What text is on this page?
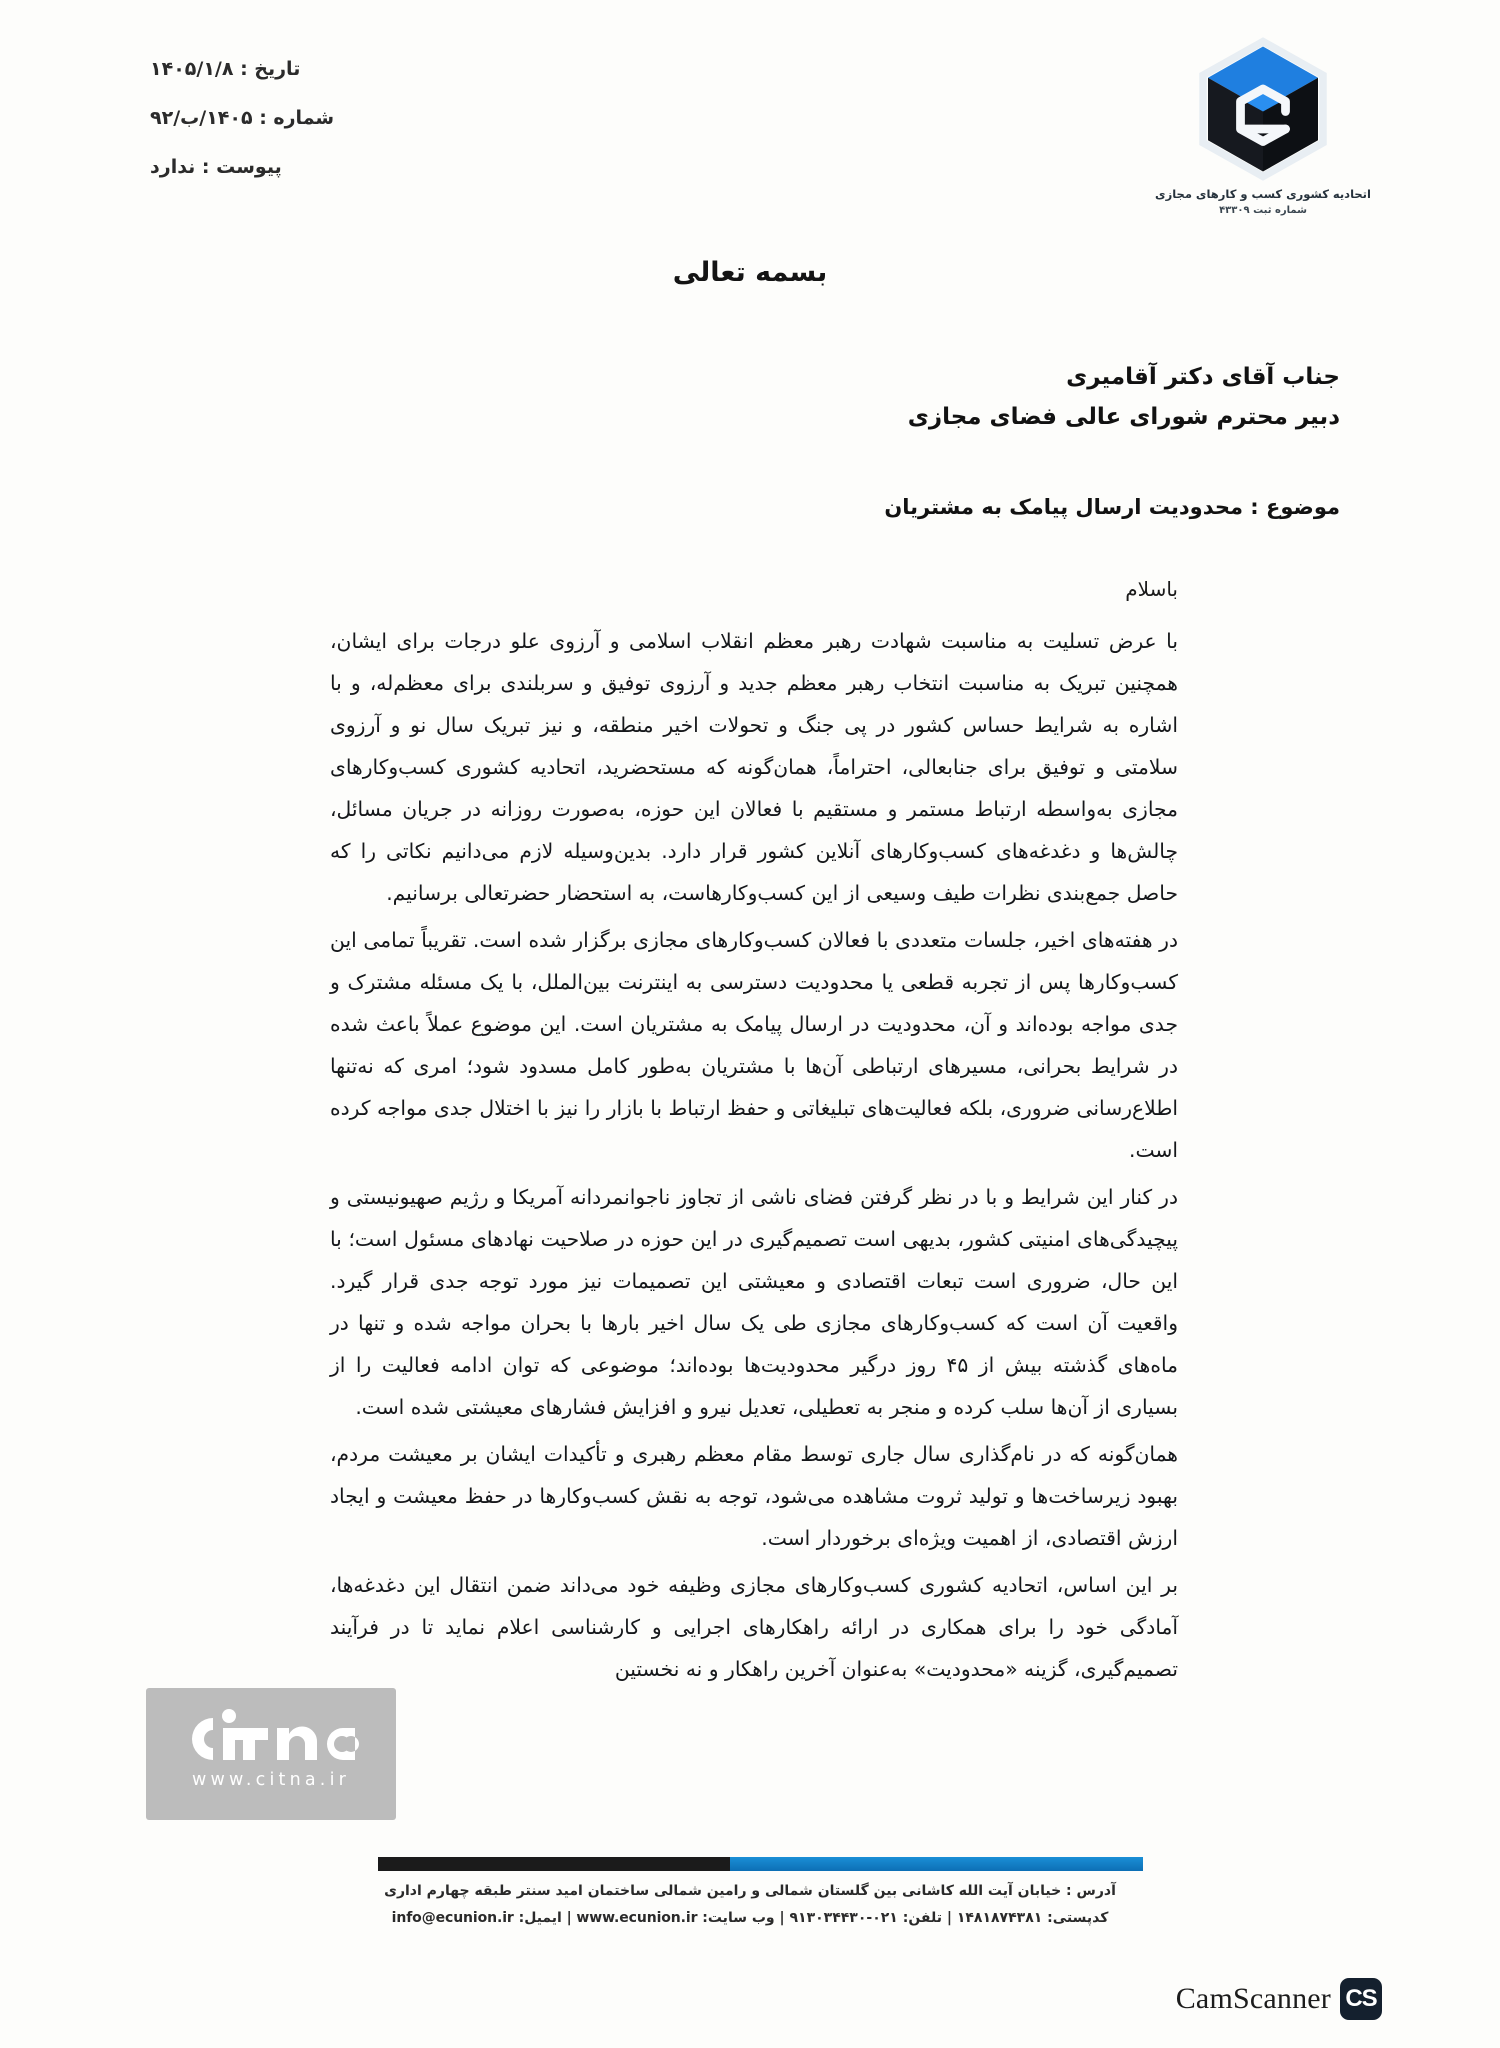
تاریخ : ۱۴۰۵/۱/۸
شماره : ۱۴۰۵/ب/۹۲
پیوست : ندارد
اتحادیه کشوری کسب و کارهای مجازی
شماره ثبت ۴۳۳۰۹
بسمه تعالی
جناب آقای دکتر آقامیری
دبیر محترم شورای عالی فضای مجازی
موضوع : محدودیت ارسال پیامک به مشتریان
باسلام

با عرض تسلیت به مناسبت شهادت رهبر معظم انقلاب اسلامی و آرزوی علو درجات برای ایشان، همچنین تبریک به مناسبت انتخاب رهبر معظم جدید و آرزوی توفیق و سربلندی برای معظم‌له، و با اشاره به شرایط حساس کشور در پی جنگ و تحولات اخیر منطقه، و نیز تبریک سال نو و آرزوی سلامتی و توفیق برای جنابعالی، احتراماً، همان‌گونه که مستحضرید، اتحادیه کشوری کسب‌وکارهای مجازی به‌واسطه ارتباط مستمر و مستقیم با فعالان این حوزه، به‌صورت روزانه در جریان مسائل، چالش‌ها و دغدغه‌های کسب‌وکارهای آنلاین کشور قرار دارد. بدین‌وسیله لازم می‌دانیم نکاتی را که حاصل جمع‌بندی نظرات طیف وسیعی از این کسب‌وکارهاست، به استحضار حضرتعالی برسانیم.

در هفته‌های اخیر، جلسات متعددی با فعالان کسب‌وکارهای مجازی برگزار شده است. تقریباً تمامی این کسب‌وکارها پس از تجربه قطعی یا محدودیت دسترسی به اینترنت بین‌الملل، با یک مسئله مشترک و جدی مواجه بوده‌اند و آن، محدودیت در ارسال پیامک به مشتریان است. این موضوع عملاً باعث شده در شرایط بحرانی، مسیرهای ارتباطی آن‌ها با مشتریان به‌طور کامل مسدود شود؛ امری که نه‌تنها اطلاع‌رسانی ضروری، بلکه فعالیت‌های تبلیغاتی و حفظ ارتباط با بازار را نیز با اختلال جدی مواجه کرده است.

در کنار این شرایط و با در نظر گرفتن فضای ناشی از تجاوز ناجوانمردانه آمریکا و رژیم صهیونیستی و پیچیدگی‌های امنیتی کشور، بدیهی است تصمیم‌گیری در این حوزه در صلاحیت نهادهای مسئول است؛ با این حال، ضروری است تبعات اقتصادی و معیشتی این تصمیمات نیز مورد توجه جدی قرار گیرد. واقعیت آن است که کسب‌وکارهای مجازی طی یک سال اخیر بارها با بحران مواجه شده و تنها در ماه‌های گذشته بیش از ۴۵ روز درگیر محدودیت‌ها بوده‌اند؛ موضوعی که توان ادامه فعالیت را از بسیاری از آن‌ها سلب کرده و منجر به تعطیلی، تعدیل نیرو و افزایش فشارهای معیشتی شده است.

همان‌گونه که در نام‌گذاری سال جاری توسط مقام معظم رهبری و تأکیدات ایشان بر معیشت مردم، بهبود زیرساخت‌ها و تولید ثروت مشاهده می‌شود، توجه به نقش کسب‌وکارها در حفظ معیشت و ایجاد ارزش اقتصادی، از اهمیت ویژه‌ای برخوردار است.

بر این اساس، اتحادیه کشوری کسب‌وکارهای مجازی وظیفه خود می‌داند ضمن انتقال این دغدغه‌ها، آمادگی خود را برای همکاری در ارائه راهکارهای اجرایی و کارشناسی اعلام نماید تا در فرآیند تصمیم‌گیری، گزینه «محدودیت» به‌عنوان آخرین راهکار و نه نخستین

www.citna.ir
آدرس : خیابان آیت الله کاشانی بین گلستان شمالی و رامین شمالی ساختمان امید سنتر طبقه چهارم اداری
کدپستی: ۱۴۸۱۸۷۴۳۸۱ | تلفن: ۰۲۱-۹۱۳۰۳۴۴۳۰ | وب سایت: www.ecunion.ir | ایمیل: info@ecunion.ir
CS
CamScanner
